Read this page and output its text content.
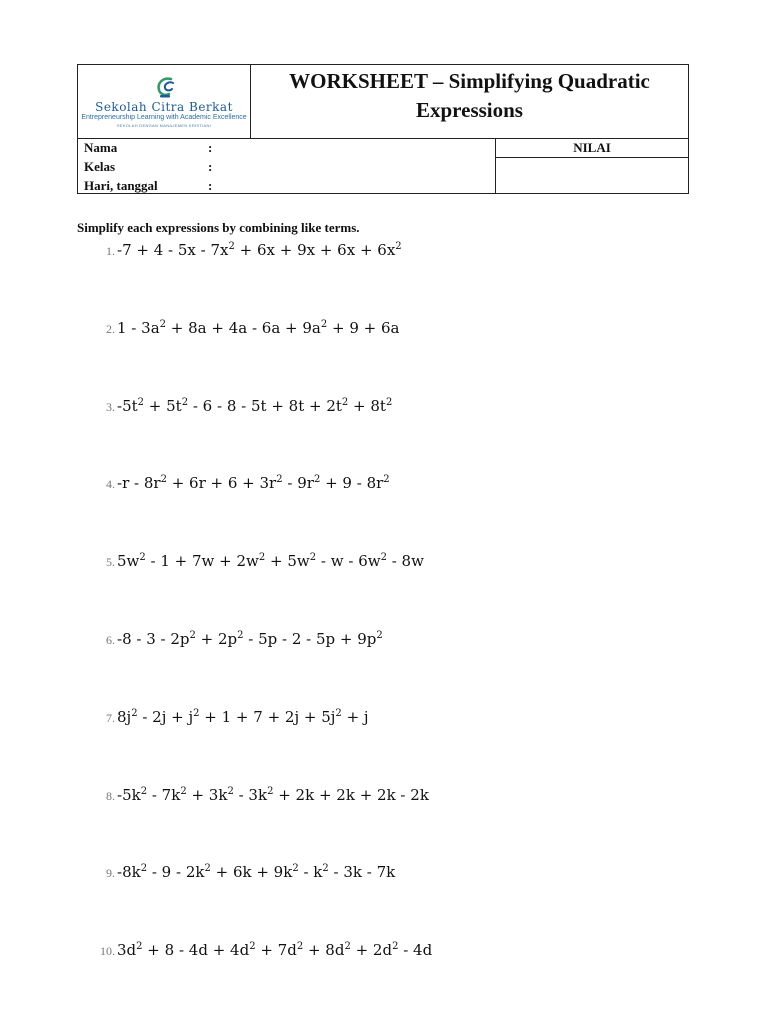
Sekolah Citra Berkat
Entrepreneurship Learning with Academic Excellence
SEKOLAH DENGAN MANAJEMEN KRISTIANI
WORKSHEET – Simplifying Quadratic
Expressions
Nama	:
Kelas	:
Hari, tanggal	:
NILAI
Simplify each expressions by combining like terms.
1. $-7 + 4 - 5x - 7x^2 + 6x + 9x + 6x + 6x^2$
2. $1 - 3a^2 + 8a + 4a - 6a + 9a^2 + 9 + 6a$
3. $-5t^2 + 5t^2 - 6 - 8 - 5t + 8t + 2t^2 + 8t^2$
4. $-r - 8r^2 + 6r + 6 + 3r^2 - 9r^2 + 9 - 8r^2$
5. $5w^2 - 1 + 7w + 2w^2 + 5w^2 - w - 6w^2 - 8w$
6. $-8 - 3 - 2p^2 + 2p^2 - 5p - 2 - 5p + 9p^2$
7. $8j^2 - 2j + j^2 + 1 + 7 + 2j + 5j^2 + j$
8. $-5k^2 - 7k^2 + 3k^2 - 3k^2 + 2k + 2k + 2k - 2k$
9. $-8k^2 - 9 - 2k^2 + 6k + 9k^2 - k^2 - 3k - 7k$
10. $3d^2 + 8 - 4d + 4d^2 + 7d^2 + 8d^2 + 2d^2 - 4d$
